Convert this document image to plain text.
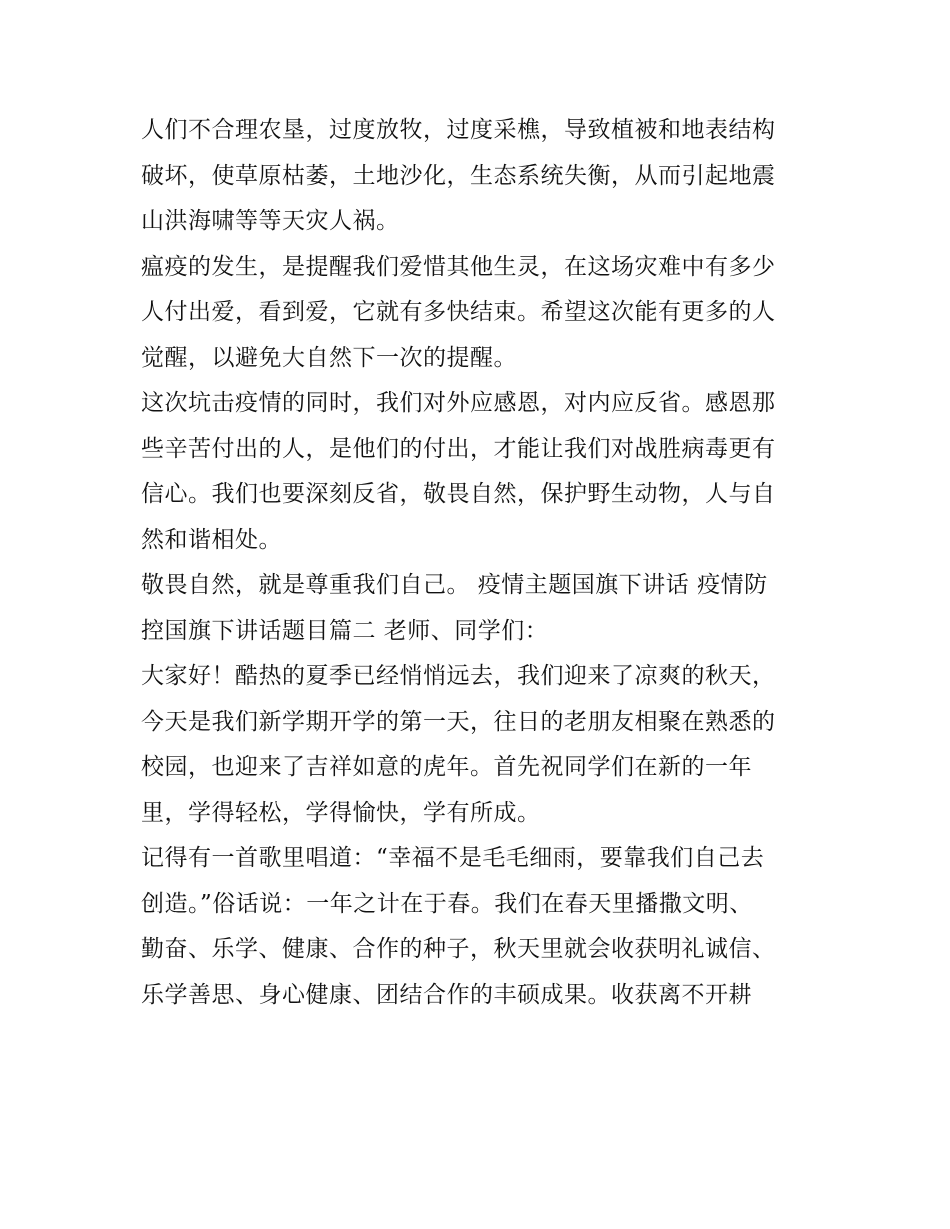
人们不合理农垦，过度放牧，过度采樵，导致植被和地表结构
破坏，使草原枯萎，土地沙化，生态系统失衡，从而引起地震
山洪海啸等等天灾人祸。
瘟疫的发生，是提醒我们爱惜其他生灵，在这场灾难中有多少
人付出爱，看到爱，它就有多快结束。希望这次能有更多的人
觉醒，以避免大自然下一次的提醒。
这次坑击疫情的同时，我们对外应感恩，对内应反省。感恩那
些辛苦付出的人，是他们的付出，才能让我们对战胜病毒更有
信心。我们也要深刻反省，敬畏自然，保护野生动物，人与自
然和谐相处。
敬畏自然，就是尊重我们自己。 疫情主题国旗下讲话 疫情防
控国旗下讲话题目篇二 老师、同学们：
大家好！酷热的夏季已经悄悄远去，我们迎来了凉爽的秋天，
今天是我们新学期开学的第一天，往日的老朋友相聚在熟悉的
校园，也迎来了吉祥如意的虎年。首先祝同学们在新的一年
里，学得轻松，学得愉快，学有所成。
记得有一首歌里唱道：“幸福不是毛毛细雨，要靠我们自己去
创造。”俗话说：一年之计在于春。我们在春天里播撒文明、
勤奋、乐学、健康、合作的种子，秋天里就会收获明礼诚信、
乐学善思、身心健康、团结合作的丰硕成果。收获离不开耕
